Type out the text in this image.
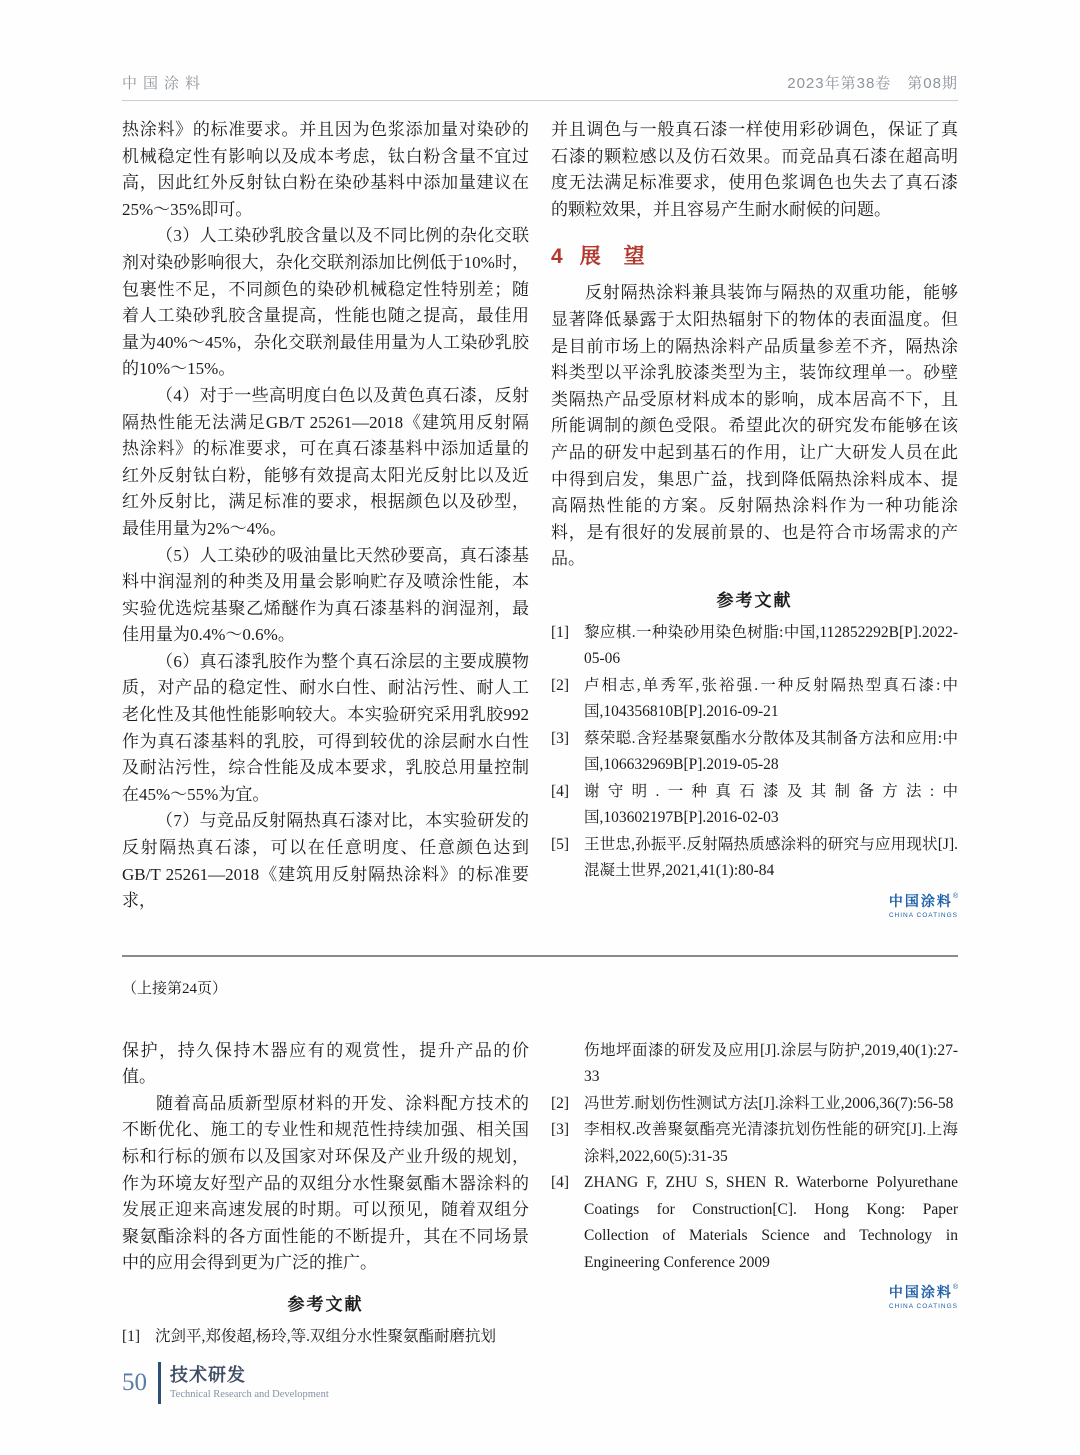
中国涂料	2023年第38卷　第08期

热涂料》的标准要求。并且因为色浆添加量对染砂的机械稳定性有影响以及成本考虑，钛白粉含量不宜过高，因此红外反射钛白粉在染砂基料中添加量建议在25%～35%即可。

（3）人工染砂乳胶含量以及不同比例的杂化交联剂对染砂影响很大，杂化交联剂添加比例低于10%时，包裹性不足，不同颜色的染砂机械稳定性特别差；随着人工染砂乳胶含量提高，性能也随之提高，最佳用量为40%～45%，杂化交联剂最佳用量为人工染砂乳胶的10%～15%。

（4）对于一些高明度白色以及黄色真石漆，反射隔热性能无法满足GB/T 25261—2018《建筑用反射隔热涂料》的标准要求，可在真石漆基料中添加适量的红外反射钛白粉，能够有效提高太阳光反射比以及近红外反射比，满足标准的要求，根据颜色以及砂型，最佳用量为2%～4%。

（5）人工染砂的吸油量比天然砂要高，真石漆基料中润湿剂的种类及用量会影响贮存及喷涂性能，本实验优选烷基聚乙烯醚作为真石漆基料的润湿剂，最佳用量为0.4%～0.6%。

（6）真石漆乳胶作为整个真石涂层的主要成膜物质，对产品的稳定性、耐水白性、耐沾污性、耐人工老化性及其他性能影响较大。本实验研究采用乳胶992作为真石漆基料的乳胶，可得到较优的涂层耐水白性及耐沾污性，综合性能及成本要求，乳胶总用量控制在45%～55%为宜。

（7）与竞品反射隔热真石漆对比，本实验研发的反射隔热真石漆，可以在任意明度、任意颜色达到GB/T 25261—2018《建筑用反射隔热涂料》的标准要求，

并且调色与一般真石漆一样使用彩砂调色，保证了真石漆的颗粒感以及仿石效果。而竞品真石漆在超高明度无法满足标准要求，使用色浆调色也失去了真石漆的颗粒效果，并且容易产生耐水耐候的问题。

4 展　望

反射隔热涂料兼具装饰与隔热的双重功能，能够显著降低暴露于太阳热辐射下的物体的表面温度。但是目前市场上的隔热涂料产品质量参差不齐，隔热涂料类型以平涂乳胶漆类型为主，装饰纹理单一。砂壁类隔热产品受原材料成本的影响，成本居高不下，且所能调制的颜色受限。希望此次的研究发布能够在该产品的研发中起到基石的作用，让广大研发人员在此中得到启发，集思广益，找到降低隔热涂料成本、提高隔热性能的方案。反射隔热涂料作为一种功能涂料，是有很好的发展前景的、也是符合市场需求的产品。

参考文献

[1] 黎应棋.一种染砂用染色树脂:中国,112852292B[P].2022-05-06

[2] 卢相志,单秀军,张裕强.一种反射隔热型真石漆:中国,104356810B[P].2016-09-21

[3] 蔡荣聪.含羟基聚氨酯水分散体及其制备方法和应用:中国,106632969B[P].2019-05-28

[4] 谢守明.一种真石漆及其制备方法:中国,103602197B[P].2016-02-03

[5] 王世忠,孙振平.反射隔热质感涂料的研究与应用现状[J].混凝土世界,2021,41(1):80-84

中国涂料®
CHINA COATINGS
（上接第24页）

保护，持久保持木器应有的观赏性，提升产品的价值。

随着高品质新型原材料的开发、涂料配方技术的不断优化、施工的专业性和规范性持续加强、相关国标和行标的颁布以及国家对环保及产业升级的规划，作为环境友好型产品的双组分水性聚氨酯木器涂料的发展正迎来高速发展的时期。可以预见，随着双组分聚氨酯涂料的各方面性能的不断提升，其在不同场景中的应用会得到更为广泛的推广。

参考文献

[1] 沈剑平,郑俊超,杨玲,等.双组分水性聚氨酯耐磨抗划

伤地坪面漆的研发及应用[J].涂层与防护,2019,40(1):27-33

[2] 冯世芳.耐划伤性测试方法[J].涂料工业,2006,36(7):56-58

[3] 李相权.改善聚氨酯亮光清漆抗划伤性能的研究[J].上海涂料,2022,60(5):31-35

[4] ZHANG F, ZHU S, SHEN R. Waterborne Polyurethane Coatings for Construction[C]. Hong Kong: Paper Collection of Materials Science and Technology in Engineering Conference 2009

中国涂料®
CHINA COATINGS
50 技术研发
Technical Research and Development
